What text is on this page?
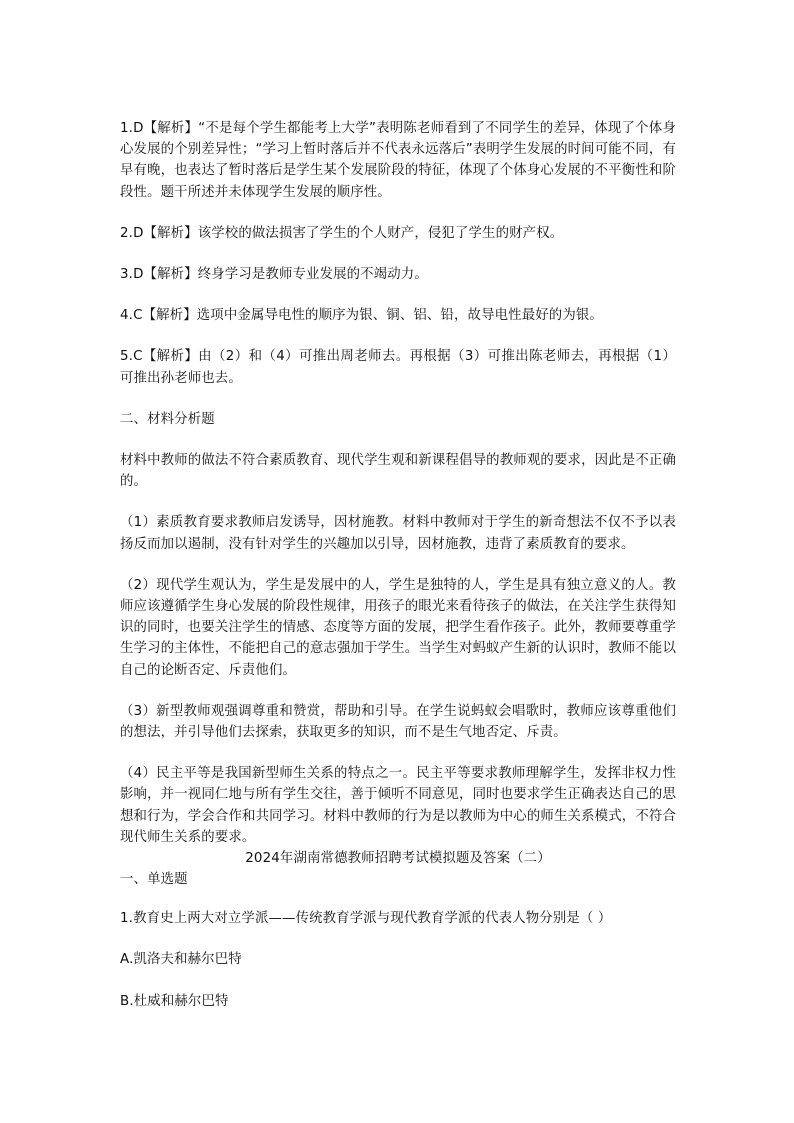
1.D【解析】“不是每个学生都能考上大学”表明陈老师看到了不同学生的差异，体现了个体身心发展的个别差异性；“学习上暂时落后并不代表永远落后”表明学生发展的时间可能不同，有早有晚，也表达了暂时落后是学生某个发展阶段的特征，体现了个体身心发展的不平衡性和阶段性。题干所述并未体现学生发展的顺序性。

2.D【解析】该学校的做法损害了学生的个人财产，侵犯了学生的财产权。

3.D【解析】终身学习是教师专业发展的不竭动力。

4.C【解析】选项中金属导电性的顺序为银、铜、铝、铅，故导电性最好的为银。

5.C【解析】由（2）和（4）可推出周老师去。再根据（3）可推出陈老师去，再根据（1）可推出孙老师也去。

二、材料分析题

材料中教师的做法不符合素质教育、现代学生观和新课程倡导的教师观的要求，因此是不正确的。

（1）素质教育要求教师启发诱导，因材施教。材料中教师对于学生的新奇想法不仅不予以表扬反而加以遏制，没有针对学生的兴趣加以引导，因材施教，违背了素质教育的要求。

（2）现代学生观认为，学生是发展中的人，学生是独特的人，学生是具有独立意义的人。教师应该遵循学生身心发展的阶段性规律，用孩子的眼光来看待孩子的做法，在关注学生获得知识的同时，也要关注学生的情感、态度等方面的发展，把学生看作孩子。此外，教师要尊重学生学习的主体性，不能把自己的意志强加于学生。当学生对蚂蚁产生新的认识时，教师不能以自己的论断否定、斥责他们。

（3）新型教师观强调尊重和赞赏，帮助和引导。在学生说蚂蚁会唱歌时，教师应该尊重他们的想法，并引导他们去探索，获取更多的知识，而不是生气地否定、斥责。

（4）民主平等是我国新型师生关系的特点之一。民主平等要求教师理解学生，发挥非权力性影响，并一视同仁地与所有学生交往，善于倾听不同意见，同时也要求学生正确表达自己的思想和行为，学会合作和共同学习。材料中教师的行为是以教师为中心的师生关系模式，不符合现代师生关系的要求。

2024年湖南常德教师招聘考试模拟题及答案（二）

一、单选题

1.教育史上两大对立学派——传统教育学派与现代教育学派的代表人物分别是（ ）

A.凯洛夫和赫尔巴特

B.杜威和赫尔巴特
